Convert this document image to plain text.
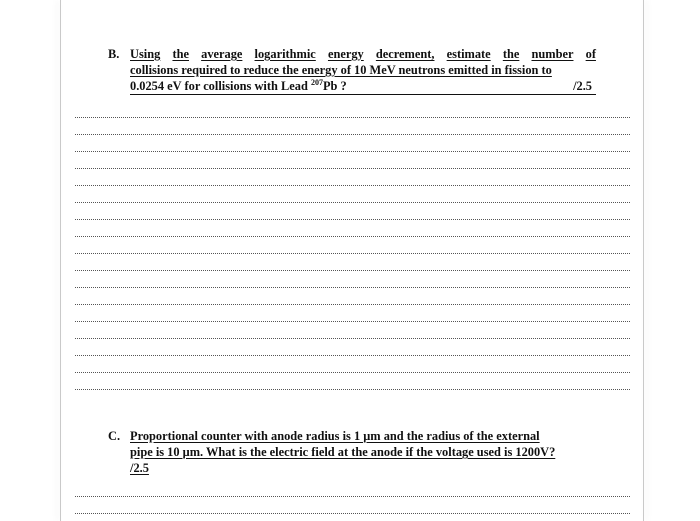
B. Using the average logarithmic energy decrement, estimate the number of
collisions required to reduce the energy of 10 MeV neutrons emitted in fission to
0.0254 eV for collisions with Lead $^{207}$Pb ?	/2.5
C. Proportional counter with anode radius is 1 μm and the radius of the external
pipe is 10 μm. What is the electric field at the anode if the voltage used is 1200V?
/2.5
